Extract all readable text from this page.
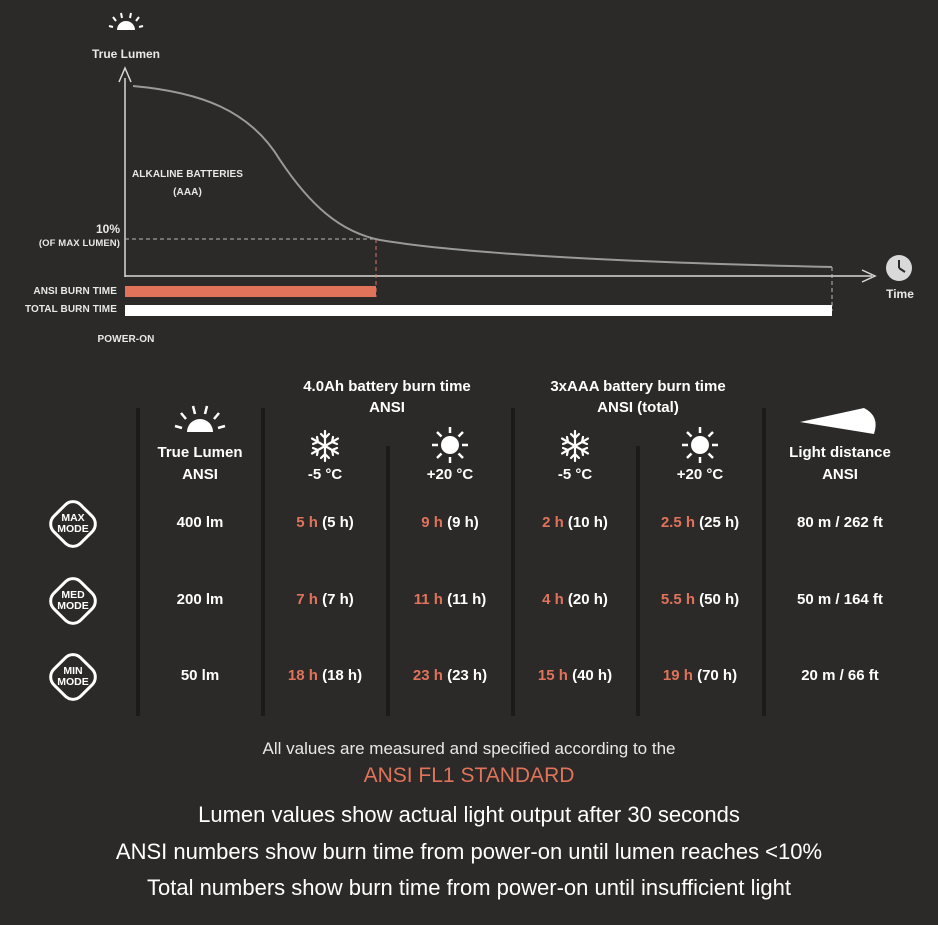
True Lumen
Time
ALKALINE BATTERIES
(AAA)
10%
(OF MAX LUMEN)
ANSI BURN TIME
TOTAL BURN TIME
POWER-ON
4.0Ah battery burn time
ANSI
3xAAA battery burn time
ANSI (total)
True Lumen
ANSI	-5 °C	+20 °C	-5 °C	+20 °C
Light distance
ANSI
MAX
MODE	400 lm	5 h (5 h)	9 h (9 h)	2 h (10 h)	2.5 h (25 h)	80 m / 262 ft
MED
MODE	200 lm	7 h (7 h)	11 h (11 h)	4 h (20 h)	5.5 h (50 h)	50 m / 164 ft
MIN
MODE	50 lm	18 h (18 h)	23 h (23 h)	15 h (40 h)	19 h (70 h)	20 m / 66 ft
All values are measured and specified according to the
ANSI FL1 STANDARD
Lumen values show actual light output after 30 seconds
ANSI numbers show burn time from power-on until lumen reaches <10%
Total numbers show burn time from power-on until insufficient light
